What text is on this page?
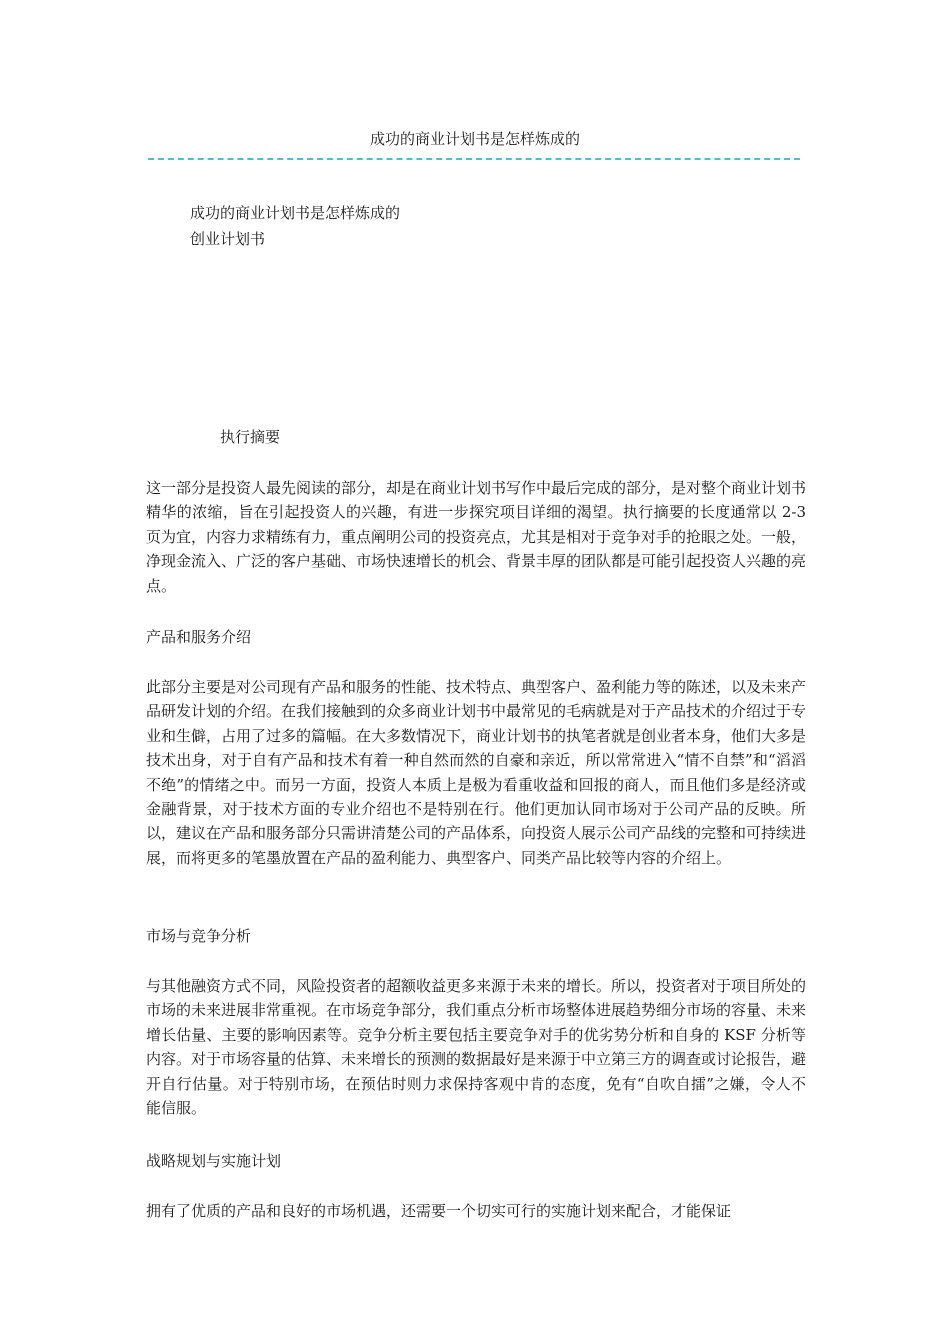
成功的商业计划书是怎样炼成的
成功的商业计划书是怎样炼成的
创业计划书
执行摘要

这一部分是投资人最先阅读的部分，却是在商业计划书写作中最后完成的部分，是对整个商业计划书精华的浓缩，旨在引起投资人的兴趣，有进一步探究项目详细的渴望。执行摘要的长度通常以 2-3 页为宜，内容力求精练有力，重点阐明公司的投资亮点，尤其是相对于竞争对手的抢眼之处。一般，净现金流入、广泛的客户基础、市场快速增长的机会、背景丰厚的团队都是可能引起投资人兴趣的亮点。

产品和服务介绍

此部分主要是对公司现有产品和服务的性能、技术特点、典型客户、盈利能力等的陈述，以及未来产品研发计划的介绍。在我们接触到的众多商业计划书中最常见的毛病就是对于产品技术的介绍过于专业和生僻，占用了过多的篇幅。在大多数情况下，商业计划书的执笔者就是创业者本身，他们大多是技术出身，对于自有产品和技术有着一种自然而然的自豪和亲近，所以常常进入“情不自禁”和“滔滔不绝”的情绪之中。而另一方面，投资人本质上是极为看重收益和回报的商人，而且他们多是经济或金融背景，对于技术方面的专业介绍也不是特别在行。他们更加认同市场对于公司产品的反映。所以，建议在产品和服务部分只需讲清楚公司的产品体系，向投资人展示公司产品线的完整和可持续进展，而将更多的笔墨放置在产品的盈利能力、典型客户、同类产品比较等内容的介绍上。

市场与竞争分析

与其他融资方式不同，风险投资者的超额收益更多来源于未来的增长。所以，投资者对于项目所处的市场的未来进展非常重视。在市场竞争部分，我们重点分析市场整体进展趋势细分市场的容量、未来增长估量、主要的影响因素等。竞争分析主要包括主要竞争对手的优劣势分析和自身的 KSF 分析等内容。对于市场容量的估算、未来增长的预测的数据最好是来源于中立第三方的调查或讨论报告，避开自行估量。对于特别市场，在预估时则力求保持客观中肯的态度，免有“自吹自擂”之嫌，令人不能信服。

战略规划与实施计划

拥有了优质的产品和良好的市场机遇，还需要一个切实可行的实施计划来配合，才能保证
